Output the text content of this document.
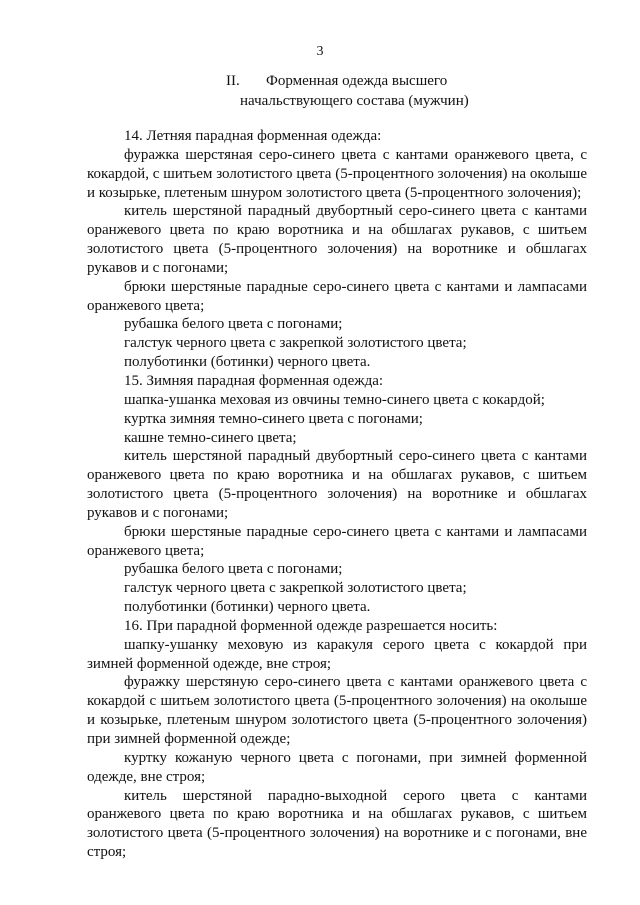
3
II. Форменная одежда высшего
начальствующего состава (мужчин)

14. Летняя парадная форменная одежда:

фуражка шерстяная серо-синего цвета с кантами оранжевого цвета, с кокардой, с шитьем золотистого цвета (5-процентного золочения) на околыше и козырьке, плетеным шнуром золотистого цвета (5-процентного золочения);

китель шерстяной парадный двубортный серо-синего цвета с кантами оранжевого цвета по краю воротника и на обшлагах рукавов, с шитьем золотистого цвета (5-процентного золочения) на воротнике и обшлагах рукавов и с погонами;

брюки шерстяные парадные серо-синего цвета с кантами и лампасами оранжевого цвета;

рубашка белого цвета с погонами;

галстук черного цвета с закрепкой золотистого цвета;

полуботинки (ботинки) черного цвета.

15. Зимняя парадная форменная одежда:

шапка-ушанка меховая из овчины темно-синего цвета с кокардой;

куртка зимняя темно-синего цвета с погонами;

кашне темно-синего цвета;

китель шерстяной парадный двубортный серо-синего цвета с кантами оранжевого цвета по краю воротника и на обшлагах рукавов, с шитьем золотистого цвета (5-процентного золочения) на воротнике и обшлагах рукавов и с погонами;

брюки шерстяные парадные серо-синего цвета с кантами и лампасами оранжевого цвета;

рубашка белого цвета с погонами;

галстук черного цвета с закрепкой золотистого цвета;

полуботинки (ботинки) черного цвета.

16. При парадной форменной одежде разрешается носить:

шапку-ушанку меховую из каракуля серого цвета с кокардой при зимней форменной одежде, вне строя;

фуражку шерстяную серо-синего цвета с кантами оранжевого цвета с кокардой с шитьем золотистого цвета (5-процентного золочения) на околыше и козырьке, плетеным шнуром золотистого цвета (5-процентного золочения) при зимней форменной одежде;

куртку кожаную черного цвета с погонами, при зимней форменной одежде, вне строя;

китель шерстяной парадно-выходной серого цвета с кантами оранжевого цвета по краю воротника и на обшлагах рукавов, с шитьем золотистого цвета (5-процентного золочения) на воротнике и с погонами, вне строя;
